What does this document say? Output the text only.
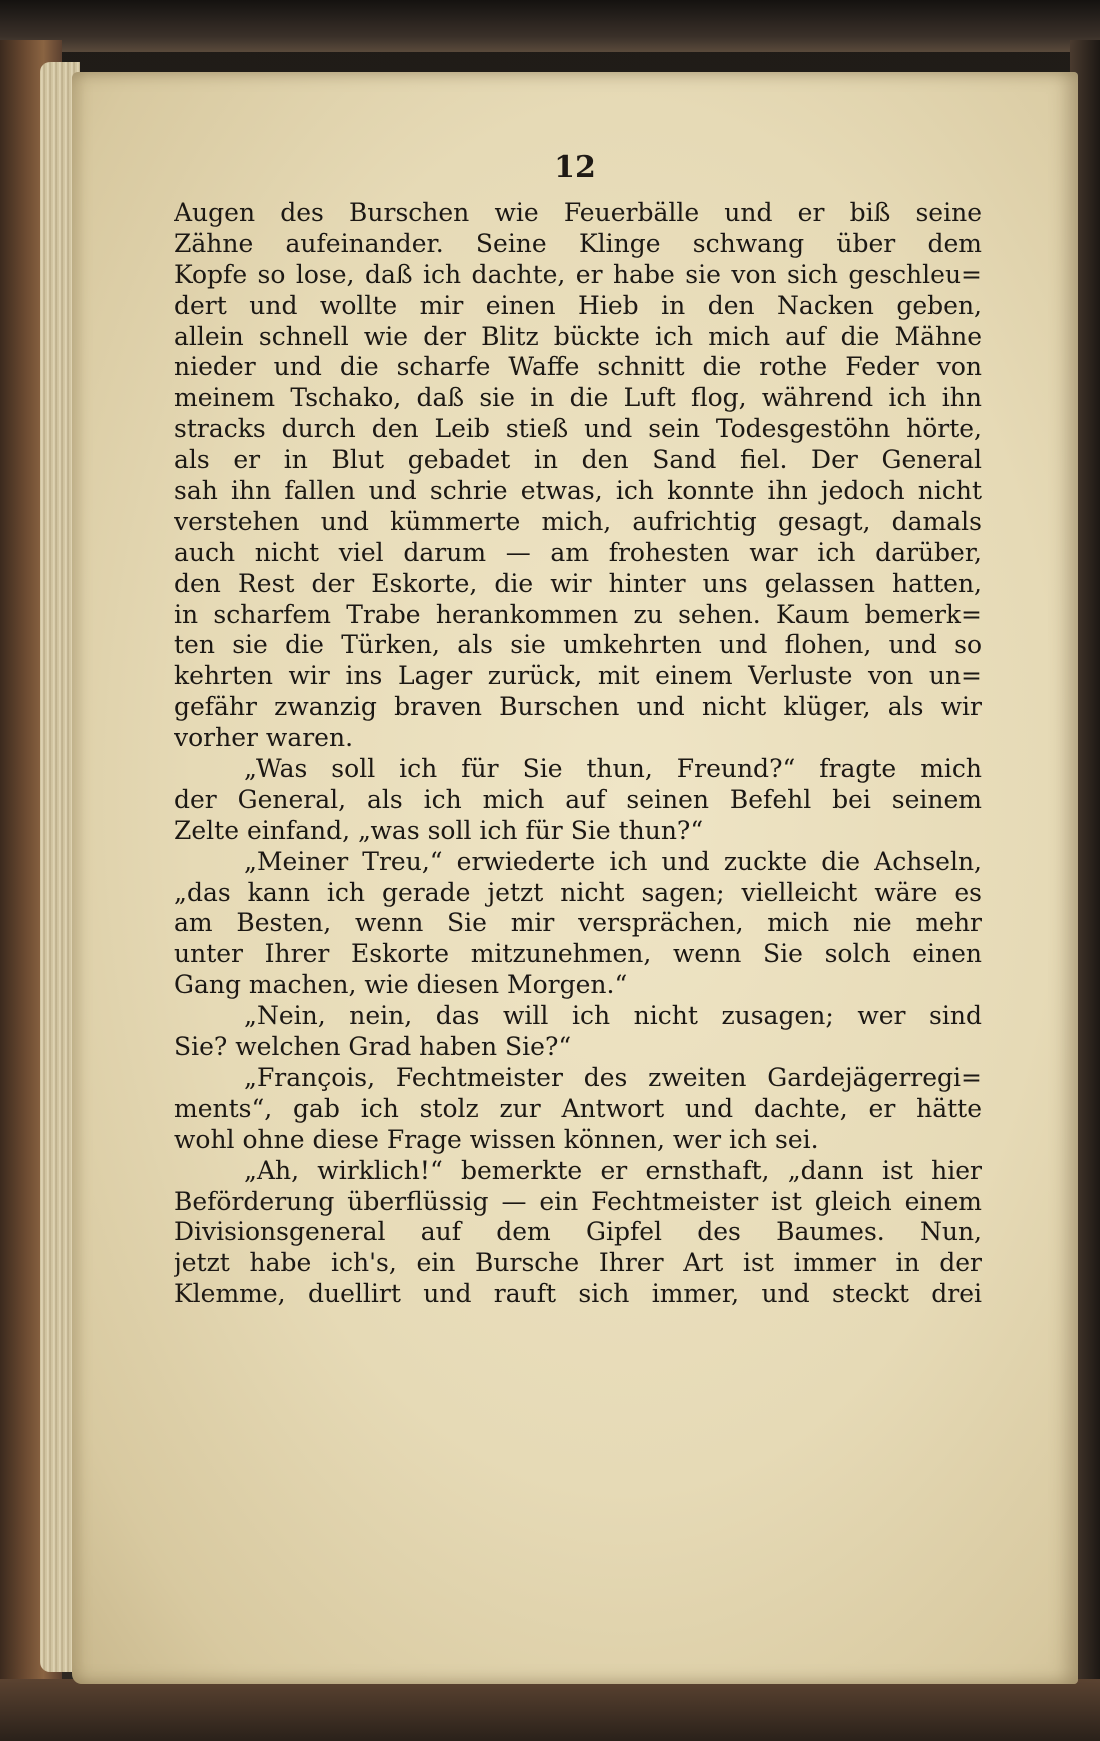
12
Augen des Burschen wie Feuerbälle und er biß seine
Zähne aufeinander. Seine Klinge schwang über dem
Kopfe so lose, daß ich dachte, er habe sie von sich geschleu=
dert und wollte mir einen Hieb in den Nacken geben,
allein schnell wie der Blitz bückte ich mich auf die Mähne
nieder und die scharfe Waffe schnitt die rothe Feder von
meinem Tschako, daß sie in die Luft flog, während ich ihn
stracks durch den Leib stieß und sein Todesgestöhn hörte,
als er in Blut gebadet in den Sand fiel. Der General
sah ihn fallen und schrie etwas, ich konnte ihn jedoch nicht
verstehen und kümmerte mich, aufrichtig gesagt, damals
auch nicht viel darum — am frohesten war ich darüber,
den Rest der Eskorte, die wir hinter uns gelassen hatten,
in scharfem Trabe herankommen zu sehen. Kaum bemerk=
ten sie die Türken, als sie umkehrten und flohen, und so
kehrten wir ins Lager zurück, mit einem Verluste von un=
gefähr zwanzig braven Burschen und nicht klüger, als wir
vorher waren.
„Was soll ich für Sie thun, Freund?“ fragte mich
der General, als ich mich auf seinen Befehl bei seinem
Zelte einfand, „was soll ich für Sie thun?“
„Meiner Treu,“ erwiederte ich und zuckte die Achseln,
„das kann ich gerade jetzt nicht sagen; vielleicht wäre es
am Besten, wenn Sie mir versprächen, mich nie mehr
unter Ihrer Eskorte mitzunehmen, wenn Sie solch einen
Gang machen, wie diesen Morgen.“
„Nein, nein, das will ich nicht zusagen; wer sind
Sie? welchen Grad haben Sie?“
„François, Fechtmeister des zweiten Gardejägerregi=
ments“, gab ich stolz zur Antwort und dachte, er hätte
wohl ohne diese Frage wissen können, wer ich sei.
„Ah, wirklich!“ bemerkte er ernsthaft, „dann ist hier
Beförderung überflüssig — ein Fechtmeister ist gleich einem
Divisionsgeneral auf dem Gipfel des Baumes. Nun,
jetzt habe ich's, ein Bursche Ihrer Art ist immer in der
Klemme, duellirt und rauft sich immer, und steckt drei
